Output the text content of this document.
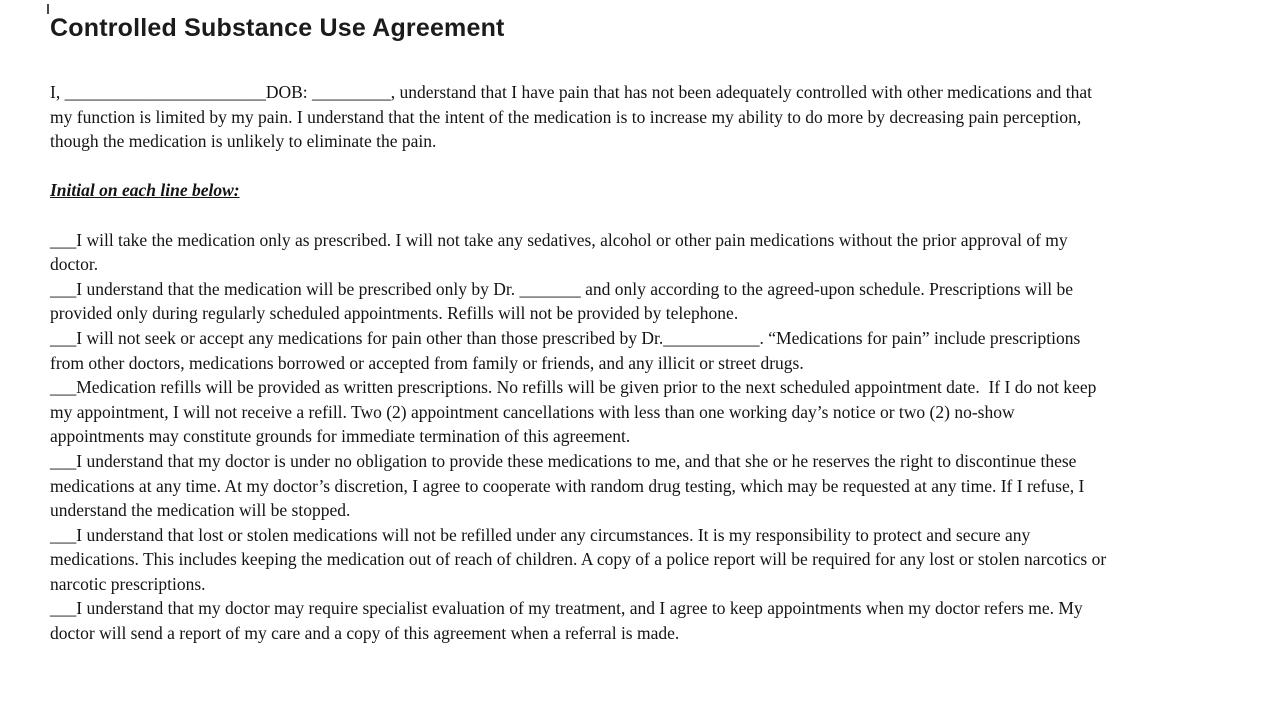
Controlled Substance Use Agreement

I, _______________________DOB: _________, understand that I have pain that has not been adequately controlled with other medications and that my function is limited by my pain. I understand that the intent of the medication is to increase my ability to do more by decreasing pain perception, though the medication is unlikely to eliminate the pain.

Initial on each line below:

___I will take the medication only as prescribed. I will not take any sedatives, alcohol or other pain medications without the prior approval of my doctor.

___I understand that the medication will be prescribed only by Dr. _______ and only according to the agreed-upon schedule. Prescriptions will be provided only during regularly scheduled appointments. Refills will not be provided by telephone.

___I will not seek or accept any medications for pain other than those prescribed by Dr.___________. “Medications for pain” include prescriptions from other doctors, medications borrowed or accepted from family or friends, and any illicit or street drugs.

___Medication refills will be provided as written prescriptions. No refills will be given prior to the next scheduled appointment date.  If I do not keep my appointment, I will not receive a refill. Two (2) appointment cancellations with less than one working day’s notice or two (2) no-show appointments may constitute grounds for immediate termination of this agreement.

___I understand that my doctor is under no obligation to provide these medications to me, and that she or he reserves the right to discontinue these medications at any time. At my doctor’s discretion, I agree to cooperate with random drug testing, which may be requested at any time. If I refuse, I understand the medication will be stopped.

___I understand that lost or stolen medications will not be refilled under any circumstances. It is my responsibility to protect and secure any medications. This includes keeping the medication out of reach of children. A copy of a police report will be required for any lost or stolen narcotics or narcotic prescriptions.

___I understand that my doctor may require specialist evaluation of my treatment, and I agree to keep appointments when my doctor refers me. My doctor will send a report of my care and a copy of this agreement when a referral is made.
